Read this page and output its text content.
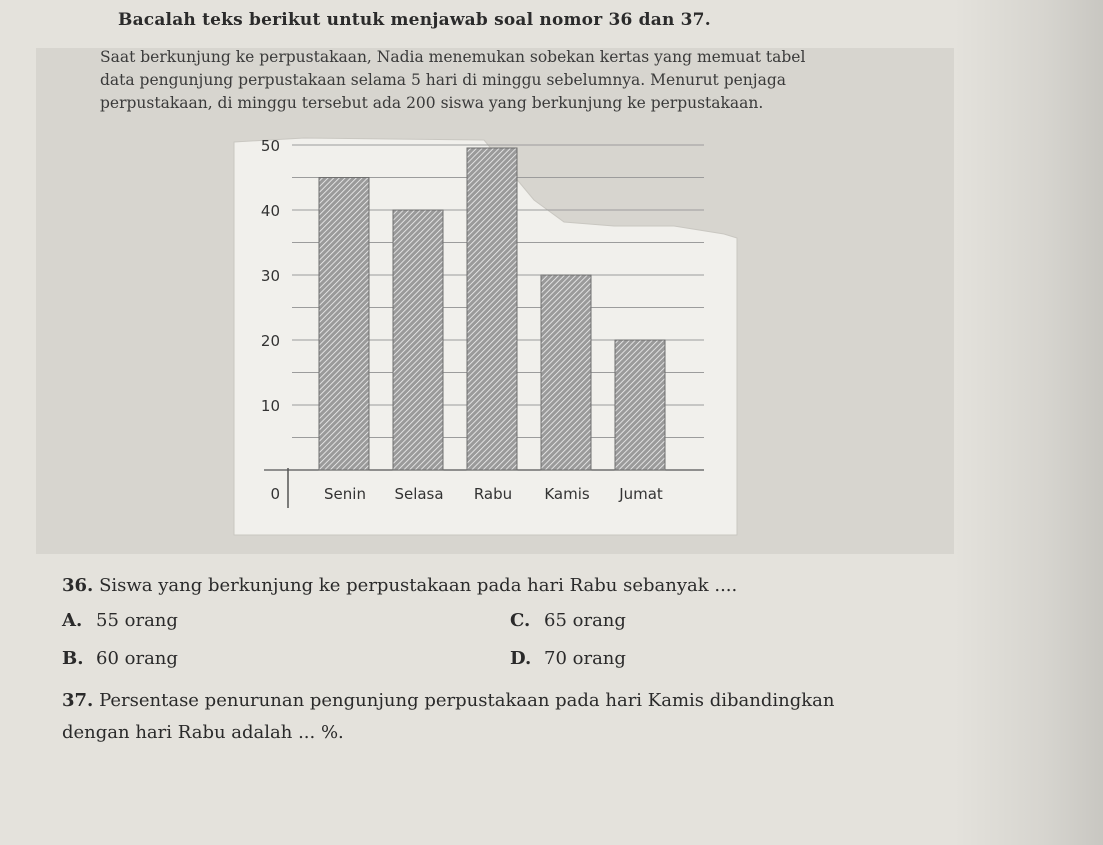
Bacalah teks berikut untuk menjawab soal nomor 36 dan 37.

Saat berkunjung ke perpustakaan, Nadia menemukan sobekan kertas yang memuat tabel

data pengunjung perpustakaan selama 5 hari di minggu sebelumnya. Menurut penjaga

perpustakaan, di minggu tersebut ada 200 siswa yang berkunjung ke perpustakaan.

0
10
20
30
40
50
Senin Selasa Rabu Kamis Jumat
36. Siswa yang berkunjung ke perpustakaan pada hari Rabu sebanyak ....
A. 55 orang
B. 60 orang
C. 65 orang
D. 70 orang
37. Persentase penurunan pengunjung perpustakaan pada hari Kamis dibandingkan
dengan hari Rabu adalah ... %.
